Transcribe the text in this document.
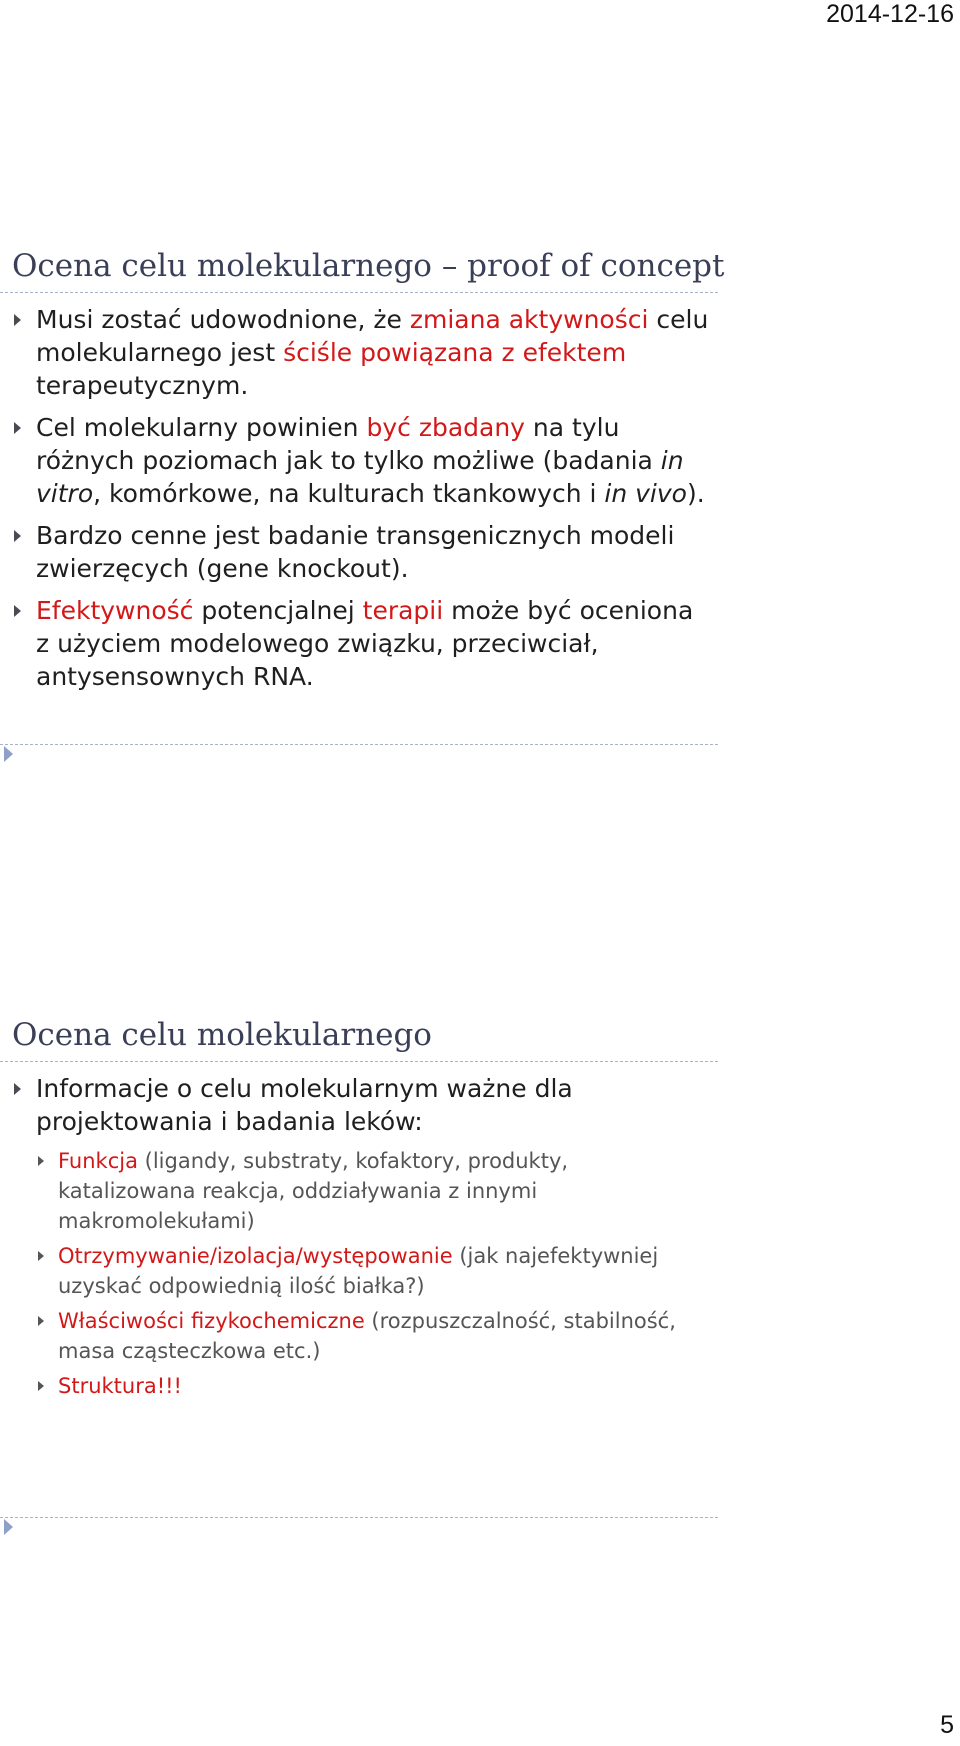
2014-12-16
Ocena celu molekularnego – proof of concept
Musi zostać udowodnione, że zmiana aktywności celu molekularnego jest ściśle powiązana z efektem terapeutycznym.
Cel molekularny powinien być zbadany na tylu różnych poziomach jak to tylko możliwe (badania in vitro, komórkowe, na kulturach tkankowych i in vivo).
Bardzo cenne jest badanie transgenicznych modeli zwierzęcych (gene knockout).
Efektywność potencjalnej terapii może być oceniona z użyciem modelowego związku, przeciwciał, antysensownych RNA.
Ocena celu molekularnego
Informacje o celu molekularnym ważne dla projektowania i badania leków:
Funkcja (ligandy, substraty, kofaktory, produkty, katalizowana reakcja, oddziaływania z innymi makromolekułami)
Otrzymywanie/izolacja/występowanie (jak najefektywniej uzyskać odpowiednią ilość białka?)
Właściwości fizykochemiczne (rozpuszczalność, stabilność, masa cząsteczkowa etc.)
Struktura!!!
5
